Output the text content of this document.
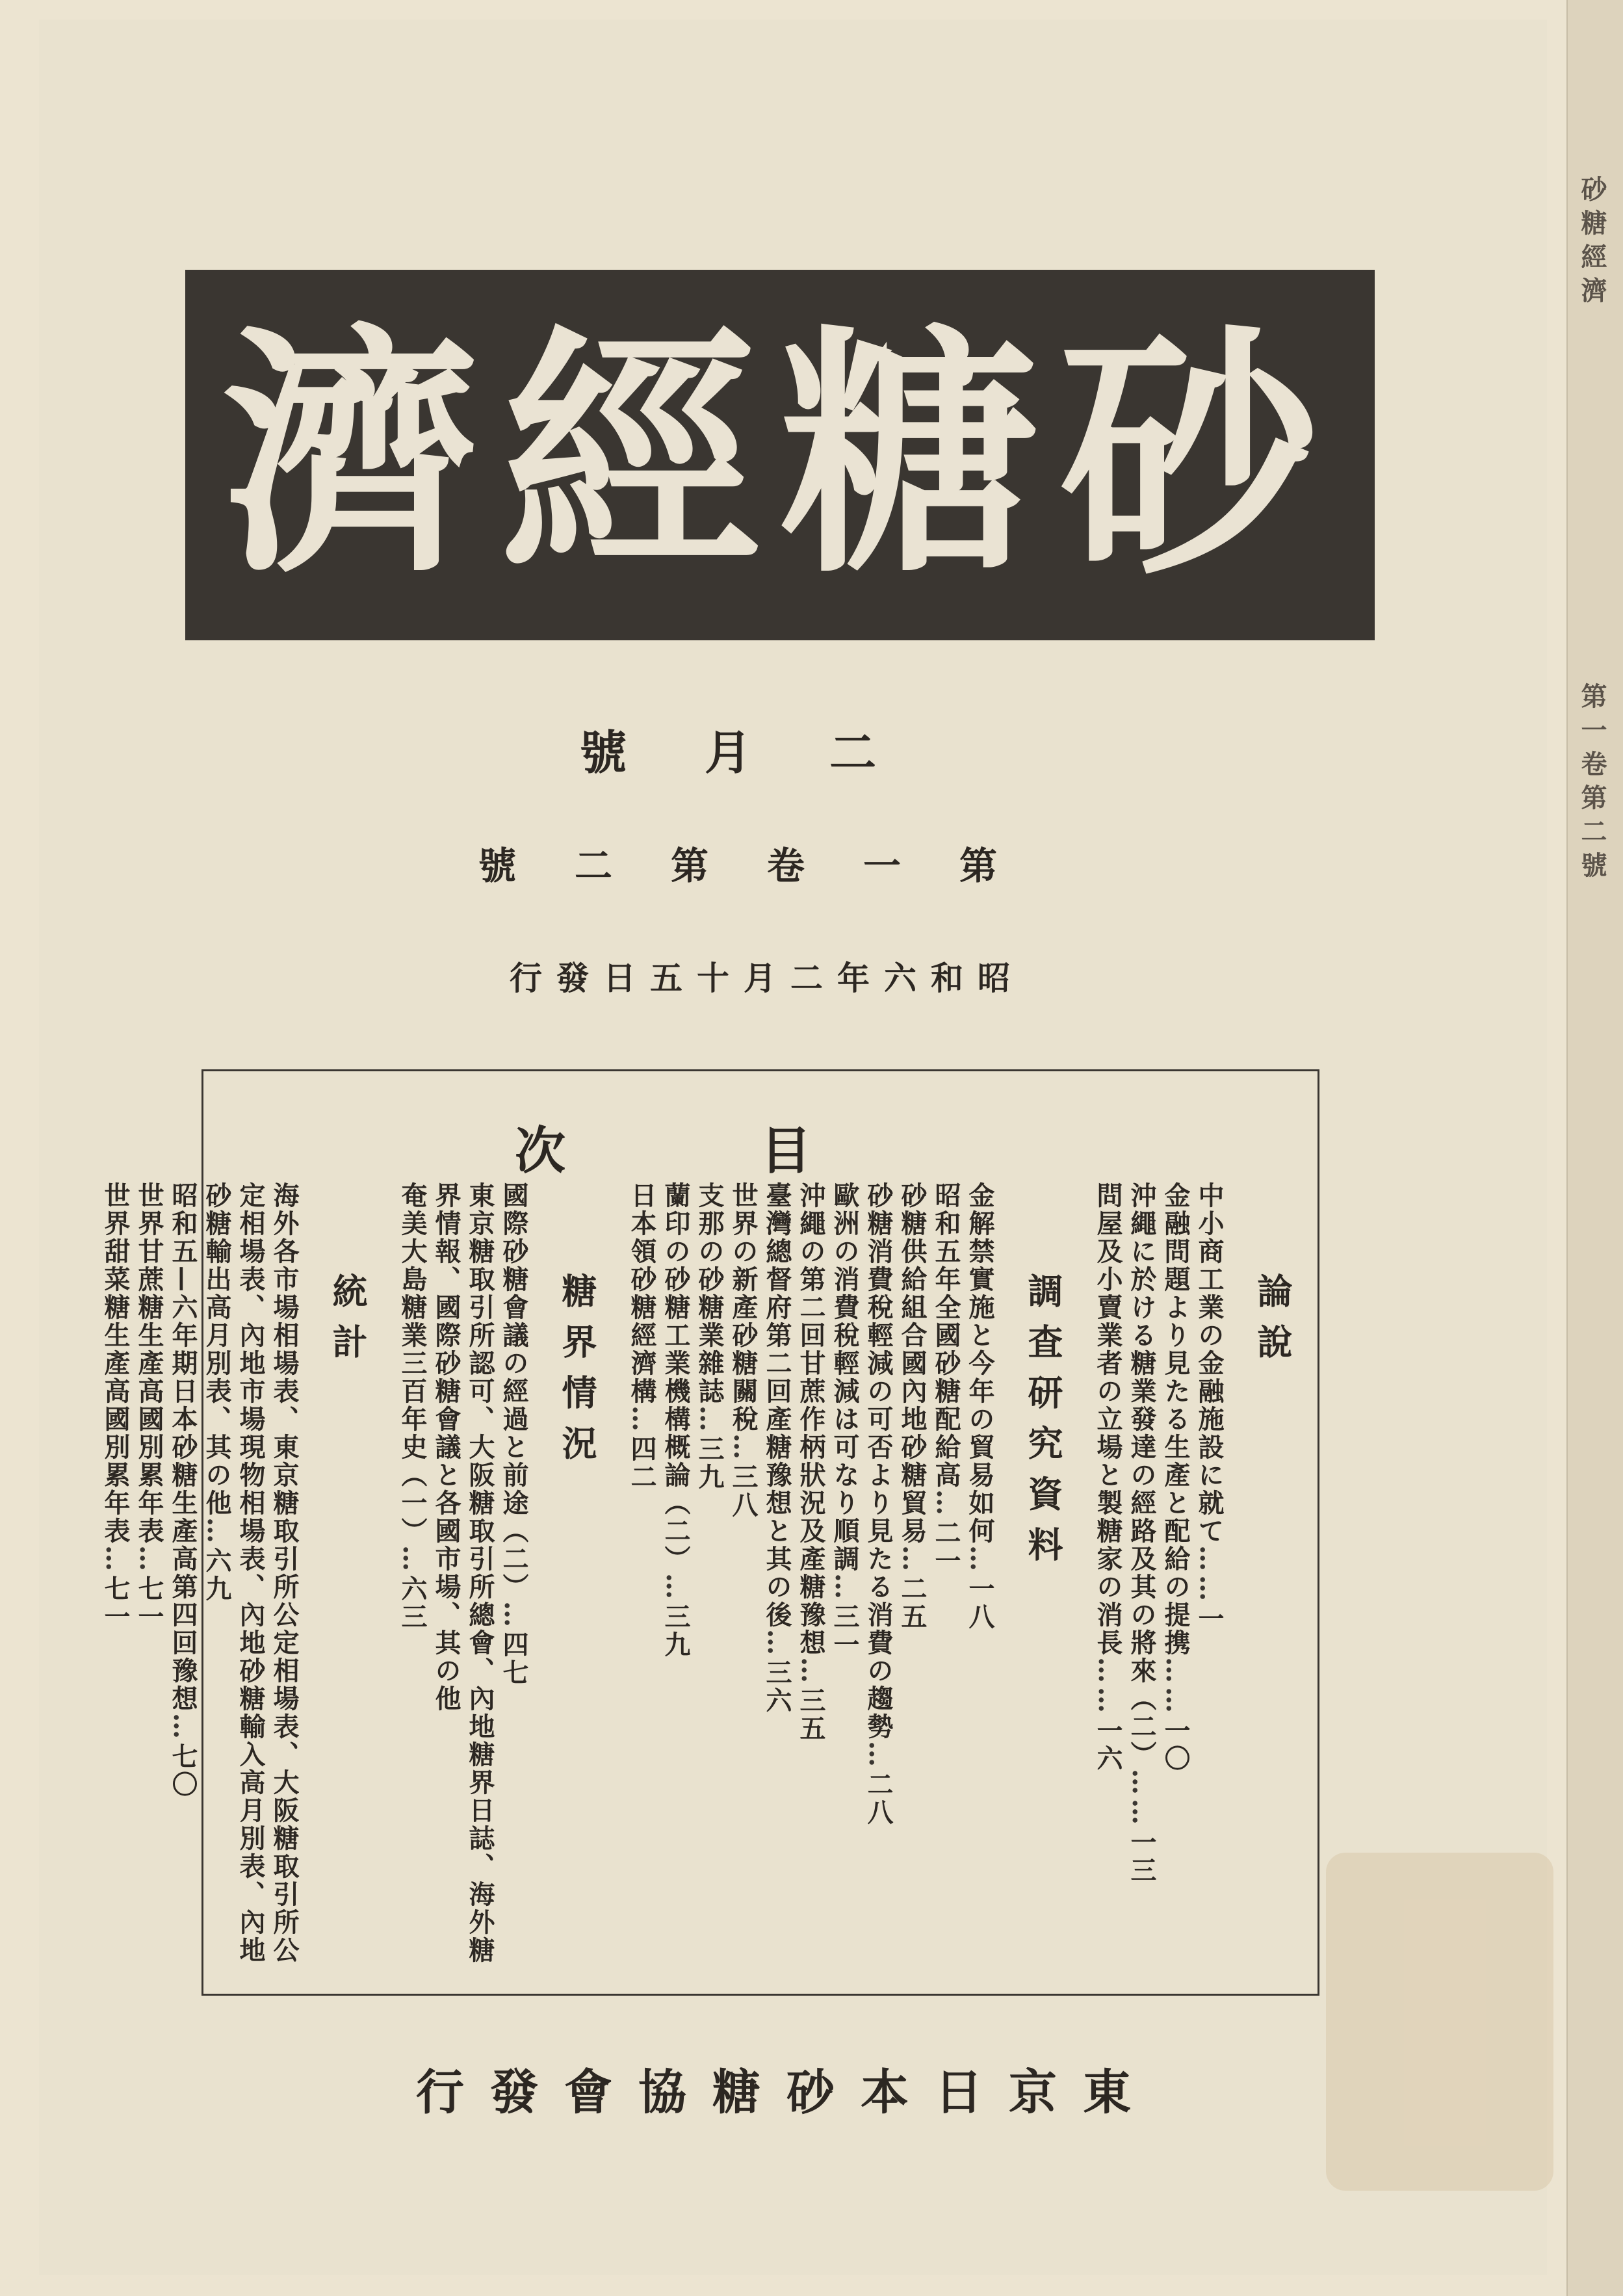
砂糖經濟
第一卷第二號
砂糖經濟
二月號
第一卷第二號
昭和六年二月十五日發行
目次
論說
中小商工業の金融施設に就て……一
金融問題より見たる生產と配給の提携……一〇
沖繩に於ける糖業發達の經路及其の將來（二）……一三
問屋及小賣業者の立場と製糖家の消長……一六
調査研究資料
金解禁實施と今年の貿易如何…一八
昭和五年全國砂糖配給高…二一
砂糖供給組合國內地砂糖貿易…二五
砂糖消費稅輕減の可否より見たる消費の趨勢…二八
歐洲の消費稅輕減は可なり順調…三一
沖繩の第二回甘蔗作柄狀況及產糖豫想…三五
臺灣總督府第二回產糖豫想と其の後…三六
世界の新產砂糖關稅…三八
支那の砂糖業雜誌…三九
蘭印の砂糖工業機構概論（二）…三九
日本領砂糖經濟構…四二
糖界情況
國際砂糖會議の經過と前途（二）…四七
東京糖取引所認可、大阪糖取引所總會、內地糖界日誌、海外糖界情報、國際砂糖會議と各國市場、其の他
奄美大島糖業三百年史（一）…六三
統計
海外各市場相場表、東京糖取引所公定相場表、大阪糖取引所公定相場表、內地市場現物相場表、內地砂糖輸入高月別表、內地砂糖輸出高月別表、其の他…六九
昭和五—六年期日本砂糖生產高第四回豫想…七〇
世界甘蔗糖生產高國別累年表…七一
世界甜菜糖生產高國別累年表…七一
東京日本砂糖協會發行
